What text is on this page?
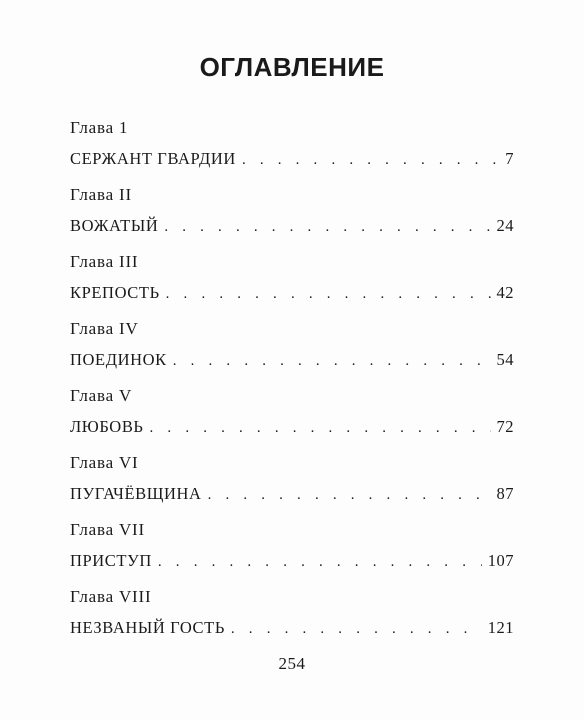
ОГЛАВЛЕНИЕ
Глава 1
СЕРЖАНТ ГВАРДИИ . . .	7
Глава II
ВОЖАТЫЙ . . .	24
Глава III
КРЕПОСТЬ . . .	42
Глава IV
ПОЕДИНОК . . .	54
Глава V
ЛЮБОВЬ . . .	72
Глава VI
ПУГАЧЁВЩИНА . . .	87
Глава VII
ПРИСТУП . . .	107
Глава VIII
НЕЗВАНЫЙ ГОСТЬ . . .	121
254
